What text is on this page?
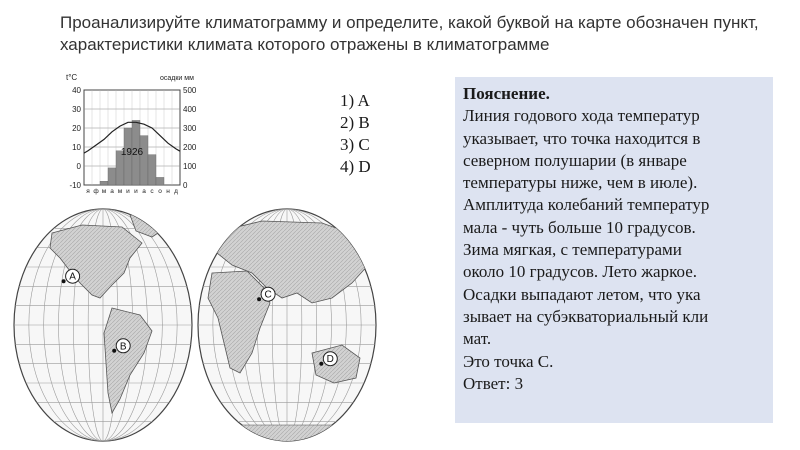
Проанализируйте климатограмму и определите, какой буквой на карте обозначен пункт, характеристики климата которого отражены в климатограмме
t°C	осадки мм
40	500
30	400
20	300
10	200
0	100
-10	0
1926
я ф м а м и и а с о н д
1) A
2) B
3) C
4) D
Пояснение.
Линия годового хода температур
указывает, что точка находится в
северном полушарии (в январе
температуры ниже, чем в июле).
Амплитуда колебаний температур
мала - чуть больше 10 градусов.
Зима мягкая, с температурами
около 10 градусов. Лето жаркое.
Осадки выпадают летом, что ука
зывает на субэкваториальный кли
мат.
Это точка С.
Ответ: 3
A
B
C
D
